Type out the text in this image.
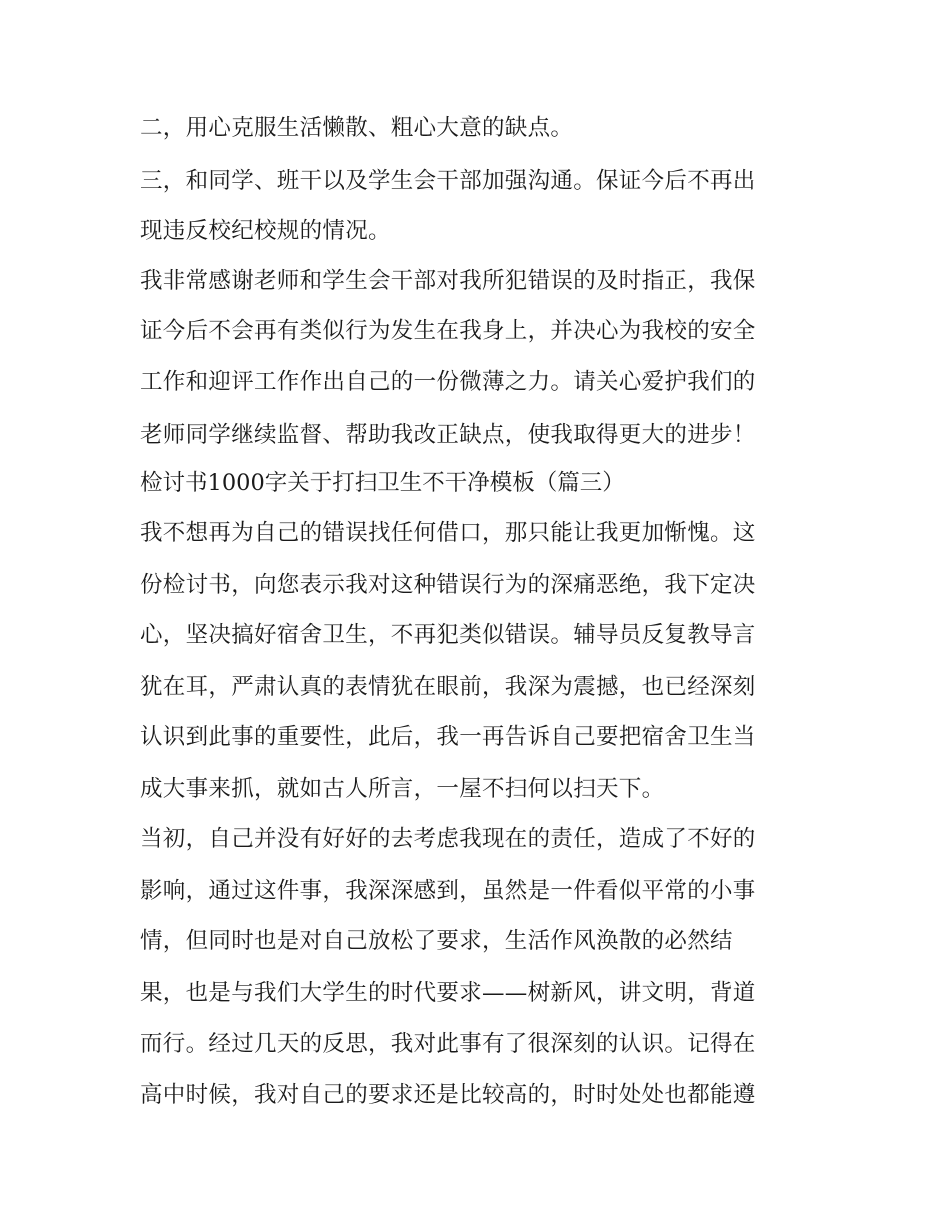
二，用心克服生活懒散、粗心大意的缺点。
三，和同学、班干以及学生会干部加强沟通。保证今后不再出
现违反校纪校规的情况。
我非常感谢老师和学生会干部对我所犯错误的及时指正，我保
证今后不会再有类似行为发生在我身上，并决心为我校的安全
工作和迎评工作作出自己的一份微薄之力。请关心爱护我们的
老师同学继续监督、帮助我改正缺点，使我取得更大的进步！
检讨书1000字关于打扫卫生不干净模板（篇三）
我不想再为自己的错误找任何借口，那只能让我更加惭愧。这
份检讨书，向您表示我对这种错误行为的深痛恶绝，我下定决
心，坚决搞好宿舍卫生，不再犯类似错误。辅导员反复教导言
犹在耳，严肃认真的表情犹在眼前，我深为震撼，也已经深刻
认识到此事的重要性，此后，我一再告诉自己要把宿舍卫生当
成大事来抓，就如古人所言，一屋不扫何以扫天下。
当初，自己并没有好好的去考虑我现在的责任，造成了不好的
影响，通过这件事，我深深感到，虽然是一件看似平常的小事
情，但同时也是对自己放松了要求，生活作风涣散的必然结
果，也是与我们大学生的时代要求——树新风，讲文明，背道
而行。经过几天的反思，我对此事有了很深刻的认识。记得在
高中时候，我对自己的要求还是比较高的，时时处处也都能遵
